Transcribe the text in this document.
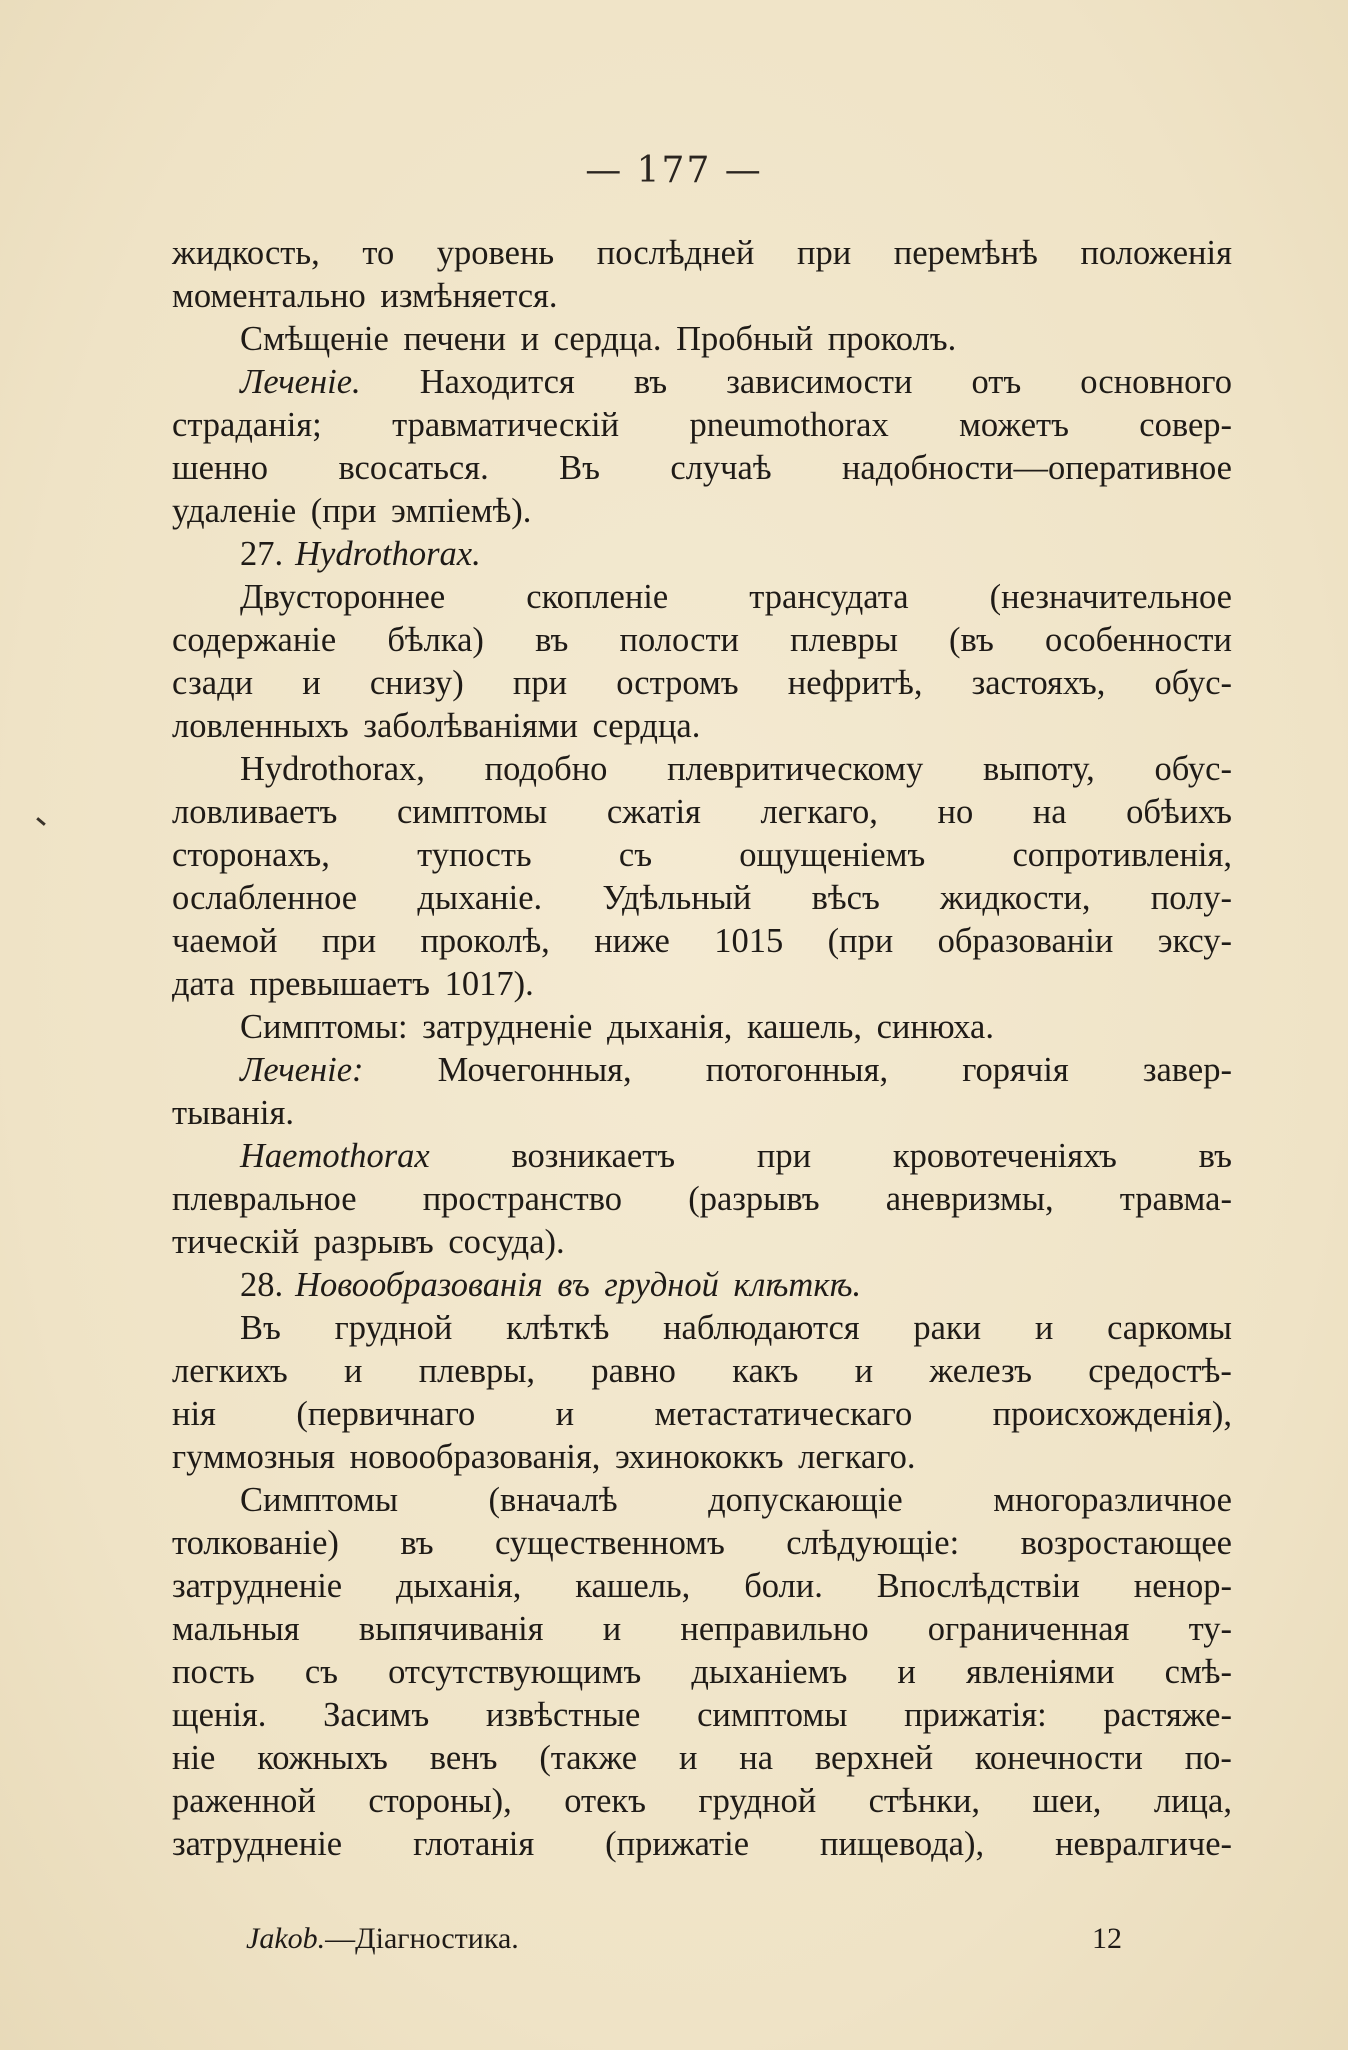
— 177 —
жидкость, то уровень послѣдней при перемѣнѣ положенія
моментально измѣняется.
Смѣщеніе печени и сердца. Пробный проколъ.
Леченіе. Находится въ зависимости отъ основного
страданія; травматическій pneumothorax можетъ совер-
шенно всосаться. Въ случаѣ надобности—оперативное
удаленіе (при эмпіемѣ).
27. Hydrothorax.
Двустороннее скопленіе трансудата (незначительное
содержаніе бѣлка) въ полости плевры (въ особенности
сзади и снизу) при остромъ нефритѣ, застояхъ, обус-
ловленныхъ заболѣваніями сердца.
Hydrothorax, подобно плевритическому выпоту, обус-
ловливаетъ симптомы сжатія легкаго, но на обѣихъ
сторонахъ,	тупость	съ	ощущеніемъ	сопротивленія,
ослабленное дыханіе. Удѣльный вѣсъ жидкости, полу-
чаемой при проколѣ, ниже 1015 (при образованіи эксу-
дата превышаетъ 1017).
Симптомы: затрудненіе дыханія, кашель, синюха.
Леченіе: Мочегонныя, потогонныя, горячія завер-
тыванія.
Haemothorax возникаетъ при кровотеченіяхъ въ
плевральное пространство (разрывъ аневризмы, травма-
тическій разрывъ сосуда).
28. Новообразованія въ грудной клѣткѣ.
Въ грудной клѣткѣ наблюдаются раки и саркомы
легкихъ и плевры, равно какъ и железъ средостѣ-
нія (первичнаго и метастатическаго происхожденія),
гуммозныя новообразованія, эхинококкъ легкаго.
Симптомы	(вначалѣ	допускающіе	многоразличное
толкованіе) въ существенномъ слѣдующіе: возростающее
затрудненіе дыханія, кашель, боли. Впослѣдствіи ненор-
мальныя выпячиванія и неправильно ограниченная ту-
пость съ отсутствующимъ дыханіемъ и явленіями смѣ-
щенія. Засимъ извѣстные симптомы прижатія: растяже-
ніе кожныхъ венъ (также и на верхней конечности по-
раженной стороны), отекъ грудной стѣнки, шеи, лица,
затрудненіе глотанія (прижатіе пищевода), невралгиче-
Jakob.—Діагностика.	12
